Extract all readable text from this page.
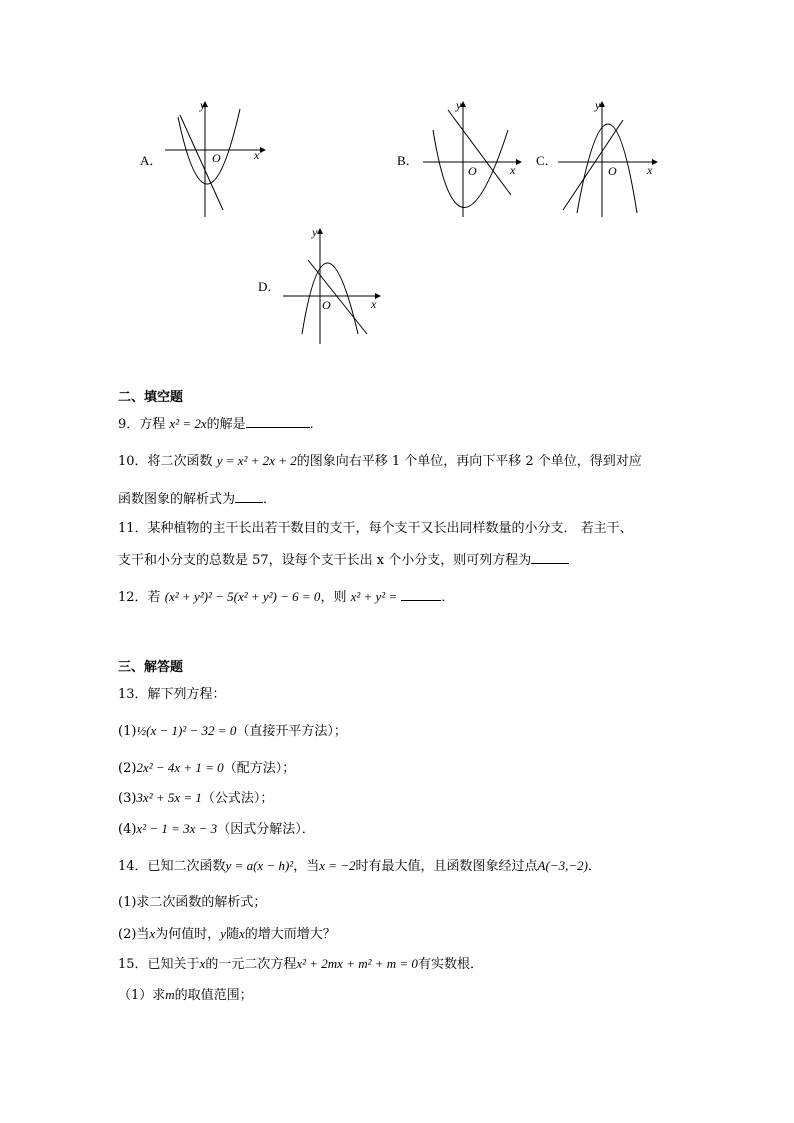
A．
y
x
O	B．
y
x
O
C．
y
x
O
D．
y
x
O
二、填空题
9．方程 x² = 2x的解是	．
10．将二次函数 y = x² + 2x + 2的图象向右平移 1 个单位，再向下平移 2 个单位，得到对应
函数图象的解析式为 ．
11．某种植物的主干长出若干数目的支干，每个支干又长出同样数量的小分支． 若主干、
支干和小分支的总数是 57，设每个支干长出 x 个小分支，则可列方程为
12．若 (x² + y²)² − 5(x² + y²) − 6 = 0，则 x² + y² =	．
三、解答题
13．解下列方程：
(1)½(x − 1)² − 32 = 0（直接开平方法）；
(2)2x² − 4x + 1 = 0（配方法）；
(3)3x² + 5x = 1（公式法）；
(4)x² − 1 = 3x − 3（因式分解法）．
14．已知二次函数y = a(x − h)²，当x = −2时有最大值，且函数图象经过点A(−3,−2)．
(1)求二次函数的解析式；
(2)当x为何值时，y随x的增大而增大？
15．已知关于x的一元二次方程x² + 2mx + m² + m = 0有实数根．
（1）求m的取值范围；
